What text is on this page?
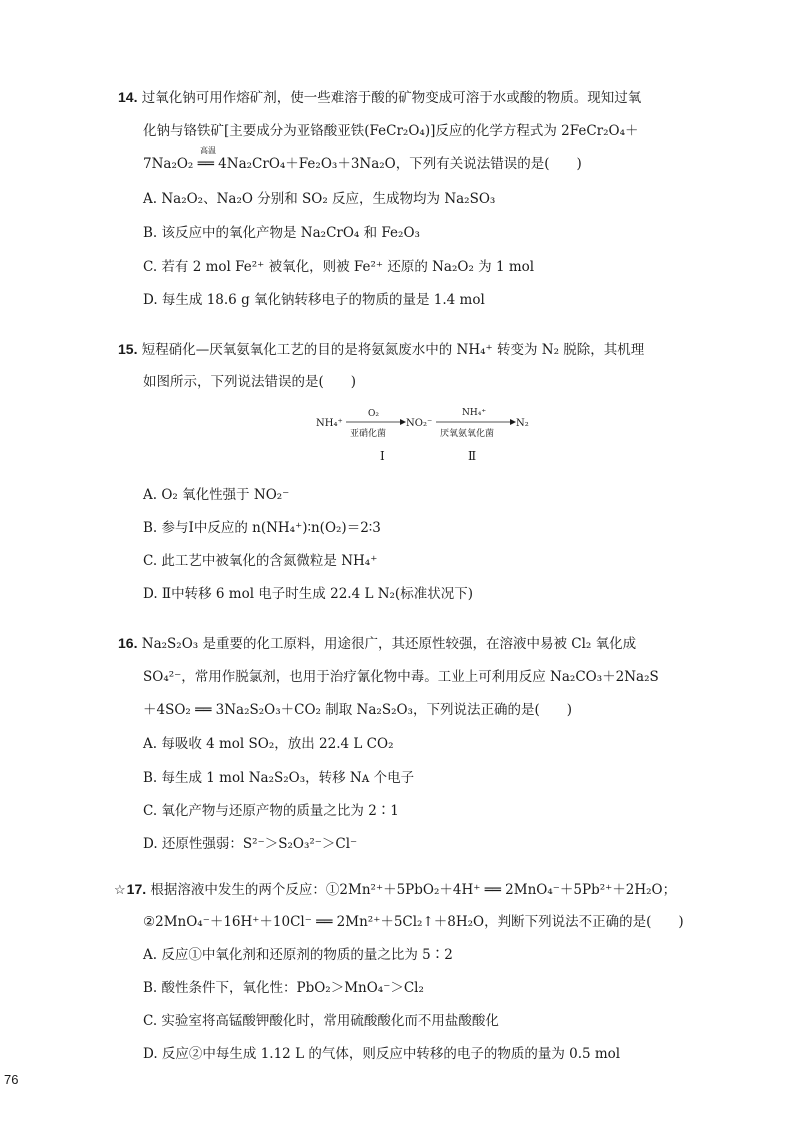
14. 过氧化钠可用作熔矿剂，使一些难溶于酸的矿物变成可溶于水或酸的物质。现知过氧
化钠与铬铁矿[主要成分为亚铬酸亚铁(FeCr₂O₄)]反应的化学方程式为 2FeCr₂O₄＋
7Na₂O₂ ══ 4Na₂CrO₄＋Fe₂O₃＋3Na₂O，下列有关说法错误的是(　　)
高温
A. Na₂O₂、Na₂O 分别和 SO₂ 反应，生成物均为 Na₂SO₃
B. 该反应中的氧化产物是 Na₂CrO₄ 和 Fe₂O₃
C. 若有 2 mol Fe²⁺ 被氧化，则被 Fe²⁺ 还原的 Na₂O₂ 为 1 mol
D. 每生成 18.6 g 氧化钠转移电子的物质的量是 1.4 mol
15. 短程硝化—厌氧氨氧化工艺的目的是将氨氮废水中的 NH₄⁺ 转变为 N₂ 脱除，其机理
如图所示，下列说法错误的是(　　)
NH₄⁺
O₂
亚硝化菌
NO₂⁻
NH₄⁺
厌氧氨氧化菌
N₂
Ⅰ	Ⅱ
A. O₂ 氧化性强于 NO₂⁻
B. 参与Ⅰ中反应的 n(NH₄⁺)∶n(O₂)＝2∶3
C. 此工艺中被氧化的含氮微粒是 NH₄⁺
D. Ⅱ中转移 6 mol 电子时生成 22.4 L N₂(标准状况下)
16. Na₂S₂O₃ 是重要的化工原料，用途很广，其还原性较强，在溶液中易被 Cl₂ 氧化成
SO₄²⁻，常用作脱氯剂，也用于治疗氰化物中毒。工业上可利用反应 Na₂CO₃＋2Na₂S
＋4SO₂ ══ 3Na₂S₂O₃＋CO₂ 制取 Na₂S₂O₃，下列说法正确的是(　　)
A. 每吸收 4 mol SO₂，放出 22.4 L CO₂
B. 每生成 1 mol Na₂S₂O₃，转移 Nᴀ 个电子
C. 氧化产物与还原产物的质量之比为 2∶1
D. 还原性强弱：S²⁻＞S₂O₃²⁻＞Cl⁻
☆17. 根据溶液中发生的两个反应：①2Mn²⁺＋5PbO₂＋4H⁺ ══ 2MnO₄⁻＋5Pb²⁺＋2H₂O；
②2MnO₄⁻＋16H⁺＋10Cl⁻ ══ 2Mn²⁺＋5Cl₂↑＋8H₂O，判断下列说法不正确的是(　　)
A. 反应①中氧化剂和还原剂的物质的量之比为 5∶2
B. 酸性条件下，氧化性：PbO₂＞MnO₄⁻＞Cl₂
C. 实验室将高锰酸钾酸化时，常用硫酸酸化而不用盐酸酸化
D. 反应②中每生成 1.12 L 的气体，则反应中转移的电子的物质的量为 0.5 mol
76
